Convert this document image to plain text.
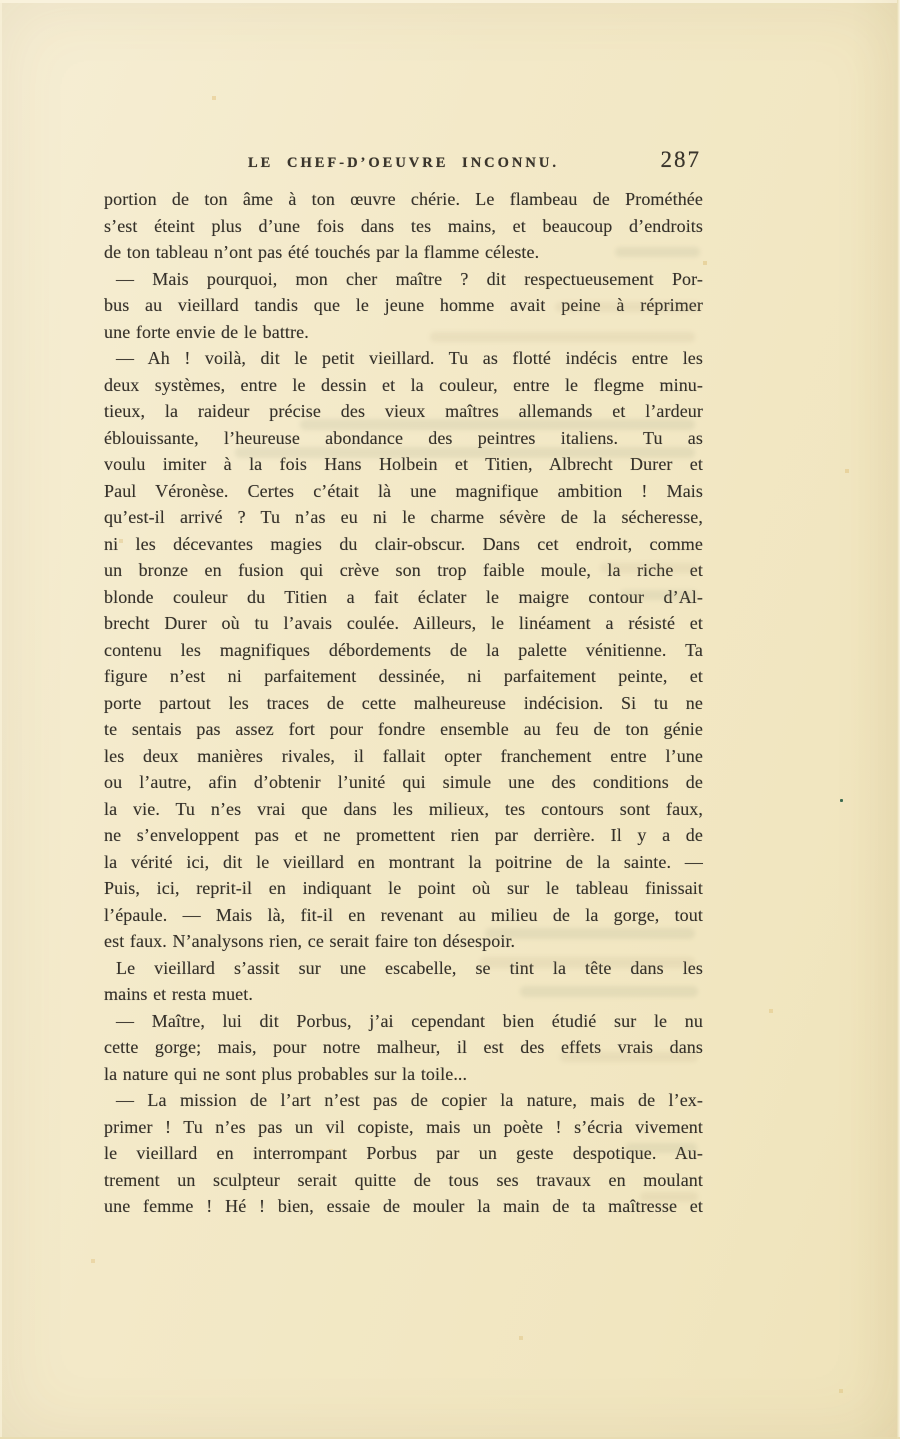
LE CHEF-D’OEUVRE INCONNU.	287
portion de ton âme à ton œuvre chérie. Le flambeau de Prométhée
s’est éteint plus d’une fois dans tes mains, et beaucoup d’endroits
de ton tableau n’ont pas été touchés par la flamme céleste.
— Mais pourquoi, mon cher maître ? dit respectueusement Por-
bus au vieillard tandis que le jeune homme avait peine à réprimer
une forte envie de le battre.
— Ah ! voilà, dit le petit vieillard. Tu as flotté indécis entre les
deux systèmes, entre le dessin et la couleur, entre le flegme minu-
tieux, la raideur précise des vieux maîtres allemands et l’ardeur
éblouissante, l’heureuse abondance des peintres italiens. Tu as
voulu imiter à la fois Hans Holbein et Titien, Albrecht Durer et
Paul Véronèse. Certes c’était là une magnifique ambition ! Mais
qu’est-il arrivé ? Tu n’as eu ni le charme sévère de la sécheresse,
ni les décevantes magies du clair-obscur. Dans cet endroit, comme
un bronze en fusion qui crève son trop faible moule, la riche et
blonde couleur du Titien a fait éclater le maigre contour d’Al-
brecht Durer où tu l’avais coulée. Ailleurs, le linéament a résisté et
contenu les magnifiques débordements de la palette vénitienne. Ta
figure n’est ni parfaitement dessinée, ni parfaitement peinte, et
porte partout les traces de cette malheureuse indécision. Si tu ne
te sentais pas assez fort pour fondre ensemble au feu de ton génie
les deux manières rivales, il fallait opter franchement entre l’une
ou l’autre, afin d’obtenir l’unité qui simule une des conditions de
la vie. Tu n’es vrai que dans les milieux, tes contours sont faux,
ne s’enveloppent pas et ne promettent rien par derrière. Il y a de
la vérité ici, dit le vieillard en montrant la poitrine de la sainte. —
Puis, ici, reprit-il en indiquant le point où sur le tableau finissait
l’épaule. — Mais là, fit-il en revenant au milieu de la gorge, tout
est faux. N’analysons rien, ce serait faire ton désespoir.
Le vieillard s’assit sur une escabelle, se tint la tête dans les
mains et resta muet.
— Maître, lui dit Porbus, j’ai cependant bien étudié sur le nu
cette gorge; mais, pour notre malheur, il est des effets vrais dans
la nature qui ne sont plus probables sur la toile...
— La mission de l’art n’est pas de copier la nature, mais de l’ex-
primer ! Tu n’es pas un vil copiste, mais un poète ! s’écria vivement
le vieillard en interrompant Porbus par un geste despotique. Au-
trement un sculpteur serait quitte de tous ses travaux en moulant
une femme ! Hé ! bien, essaie de mouler la main de ta maîtresse et
